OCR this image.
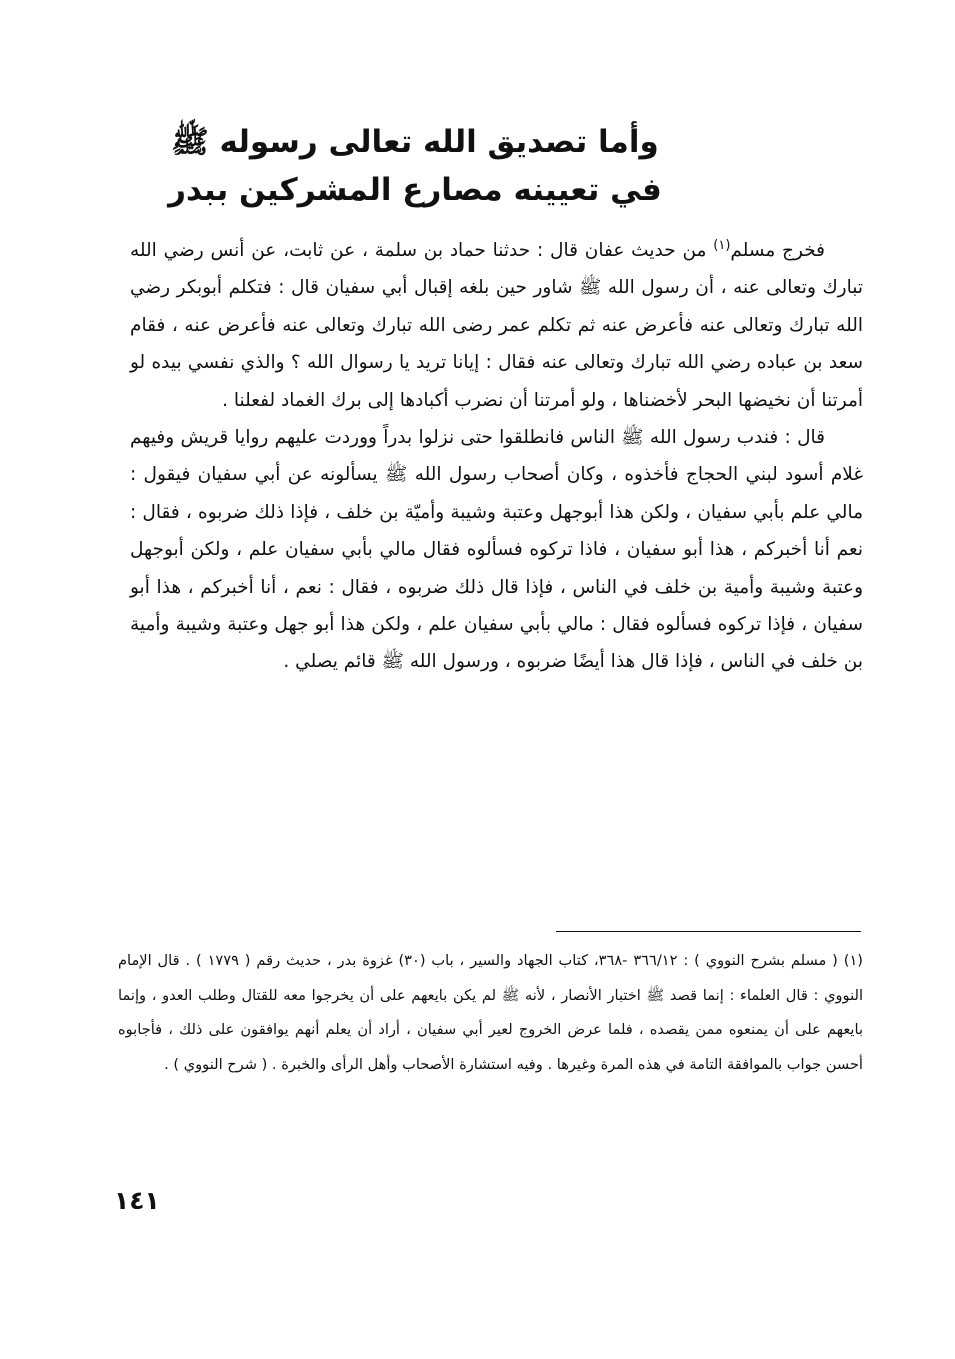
وأما تصديق الله تعالى رسوله ﷺ
في تعيينه مصارع المشركين ببدر

فخرج مسلم$^{(١)}$ من حديث عفان قال : حدثنا حماد بن سلمة ، عن ثابت، عن أنس رضي الله تبارك وتعالى عنه ، أن رسول الله ﷺ شاور حين بلغه إقبال أبي سفيان قال : فتكلم أبوبكر رضي الله تبارك وتعالى عنه فأعرض عنه ثم تكلم عمر رضى الله تبارك وتعالى عنه فأعرض عنه ، فقام سعد بن عباده رضي الله تبارك وتعالى عنه فقال : إيانا تريد يا رسوال الله ؟ والذي نفسي بيده لو أمرتنا أن نخيضها البحر لأخضناها ، ولو أمرتنا أن نضرب أكبادها إلى برك الغماد لفعلنا .

قال : فندب رسول الله ﷺ الناس فانطلقوا حتى نزلوا بدراً ووردت عليهم روايا قريش وفيهم غلام أسود لبني الحجاج فأخذوه ، وكان أصحاب رسول الله ﷺ يسألونه عن أبي سفيان فيقول : مالي علم بأبي سفيان ، ولكن هذا أبوجهل وعتبة وشيبة وأميّة بن خلف ، فإذا ذلك ضربوه ، فقال : نعم أنا أخبركم ، هذا أبو سفيان ، فاذا تركوه فسألوه فقال مالي بأبي سفيان علم ، ولكن أبوجهل وعتبة وشيبة وأمية بن خلف في الناس ، فإذا قال ذلك ضربوه ، فقال : نعم ، أنا أخبركم ، هذا أبو سفيان ، فإذا تركوه فسألوه فقال : مالي بأبي سفيان علم ، ولكن هذا أبو جهل وعتبة وشيبة وأمية بن خلف في الناس ، فإذا قال هذا أيضًا ضربوه ، ورسول الله ﷺ قائم يصلي .

(١) ( مسلم بشرح النووي ) : ٣٦٦/١٢ -٣٦٨، كتاب الجهاد والسير ، باب (٣٠) غزوة بدر ، حديث رقم ( ١٧٧٩ ) . قال الإمام النووي : قال العلماء : إنما قصد ﷺ اختبار الأنصار ، لأنه ﷺ لم يكن بايعهم على أن يخرجوا معه للقتال وطلب العدو ، وإنما بايعهم على أن يمنعوه ممن يقصده ، فلما عرض الخروج لعير أبي سفيان ، أراد أن يعلم أنهم يوافقون على ذلك ، فأجابوه أحسن جواب بالموافقة التامة في هذه المرة وغيرها . وفيه استشارة الأصحاب وأهل الرأى والخبرة . ( شرح النووي ) .

١٤١
